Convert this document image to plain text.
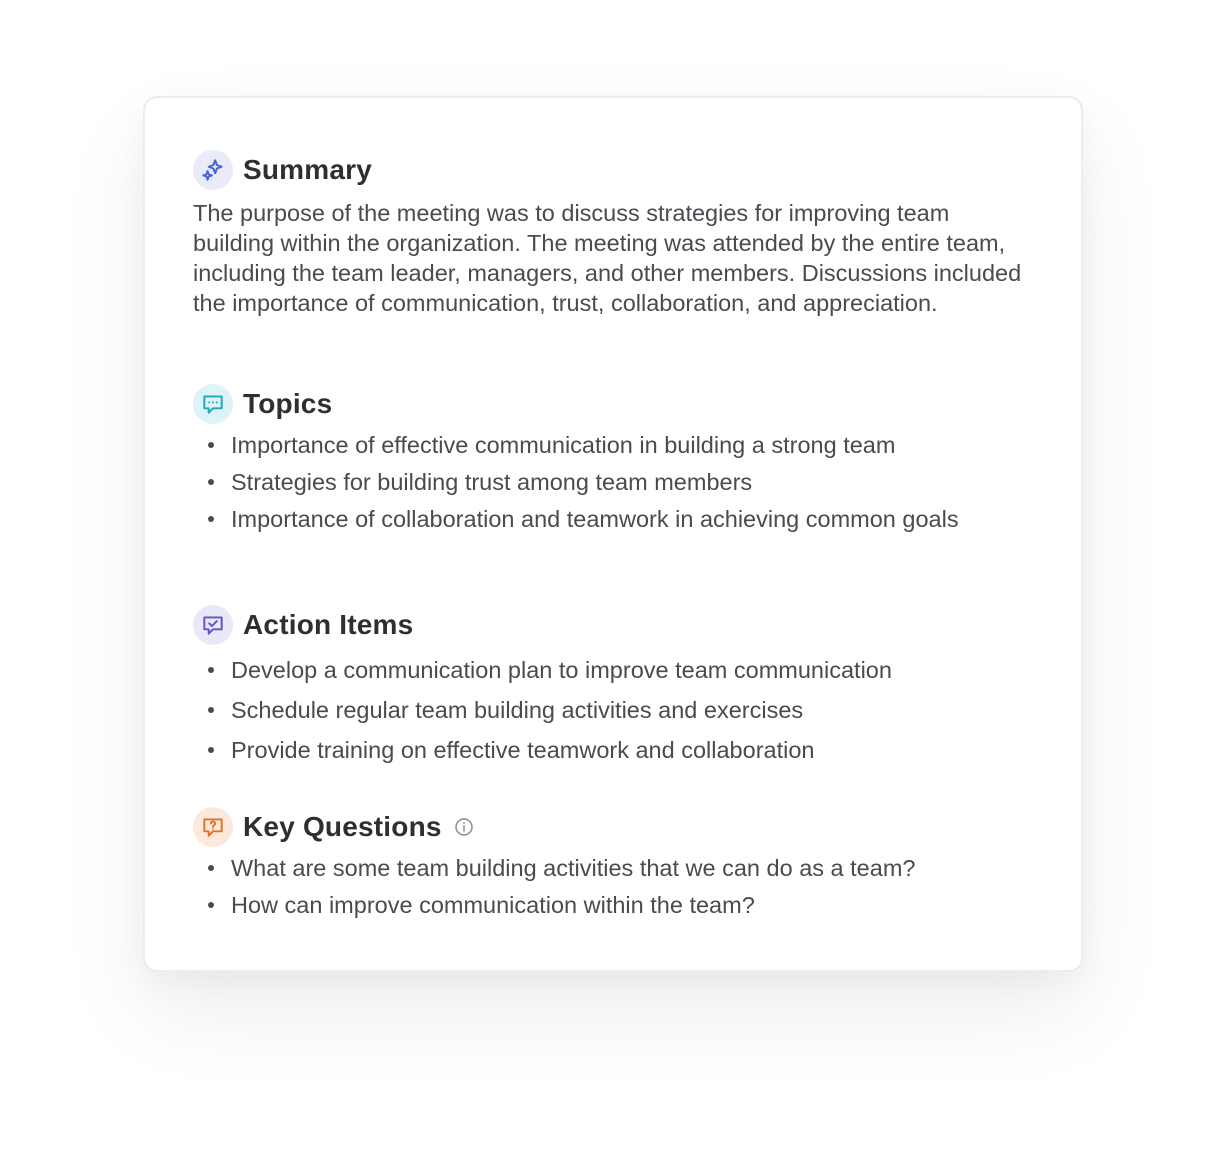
Summary

The purpose of the meeting was to discuss strategies for improving team building within the organization. The meeting was attended by the entire team, including the team leader, managers, and other members. Discussions included the importance of communication, trust, collaboration, and appreciation.

Topics
Importance of effective communication in building a strong team
Strategies for building trust among team members
Importance of collaboration and teamwork in achieving common goals
Action Items
Develop a communication plan to improve team communication
Schedule regular team building activities and exercises
Provide training on effective teamwork and collaboration
Key Questions
What are some team building activities that we can do as a team?
How can improve communication within the team?
